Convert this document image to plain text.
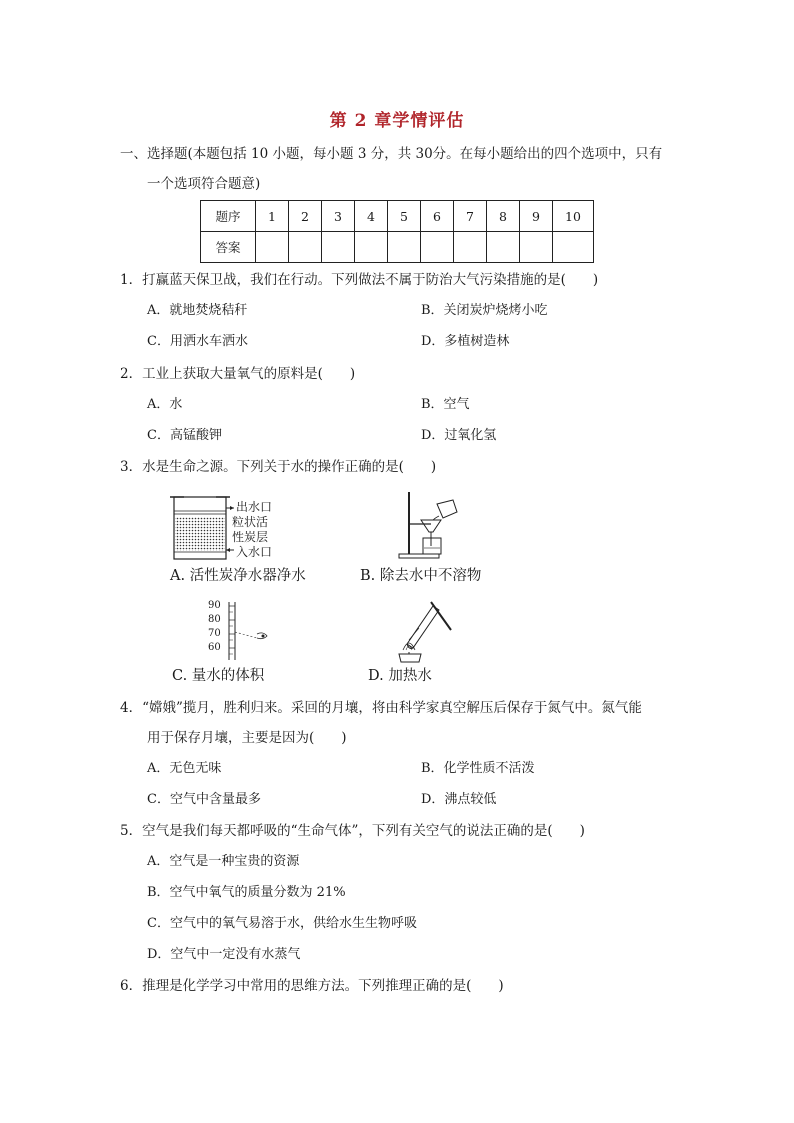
第 2 章学情评估
一、选择题(本题包括 10 小题，每小题 3 分，共 30分。在每小题给出的四个选项中，只有
一个选项符合题意)
题序	1	2	3	4	5	6	7	8	9	10
答案										
1．打赢蓝天保卫战，我们在行动。下列做法不属于防治大气污染措施的是(　　)
A．就地焚烧秸秆	B．关闭炭炉烧烤小吃
C．用洒水车洒水	D．多植树造林
2．工业上获取大量氧气的原料是(　　)
A．水	B．空气
C．高锰酸钾	D．过氧化氢
3．水是生命之源。下列关于水的操作正确的是(　　)
出水口
粒状活
性炭层
入水口
A. 活性炭净水器净水	B. 除去水中不溶物
90
80
70
60
C. 量水的体积	D. 加热水
4．“嫦娥”揽月，胜利归来。采回的月壤，将由科学家真空解压后保存于氮气中。氮气能
用于保存月壤，主要是因为(　　)
A．无色无味	B．化学性质不活泼
C．空气中含量最多	D．沸点较低
5．空气是我们每天都呼吸的“生命气体”，下列有关空气的说法正确的是(　　)
A．空气是一种宝贵的资源
B．空气中氧气的质量分数为 21%
C．空气中的氧气易溶于水，供给水生生物呼吸
D．空气中一定没有水蒸气
6．推理是化学学习中常用的思维方法。下列推理正确的是(　　)
